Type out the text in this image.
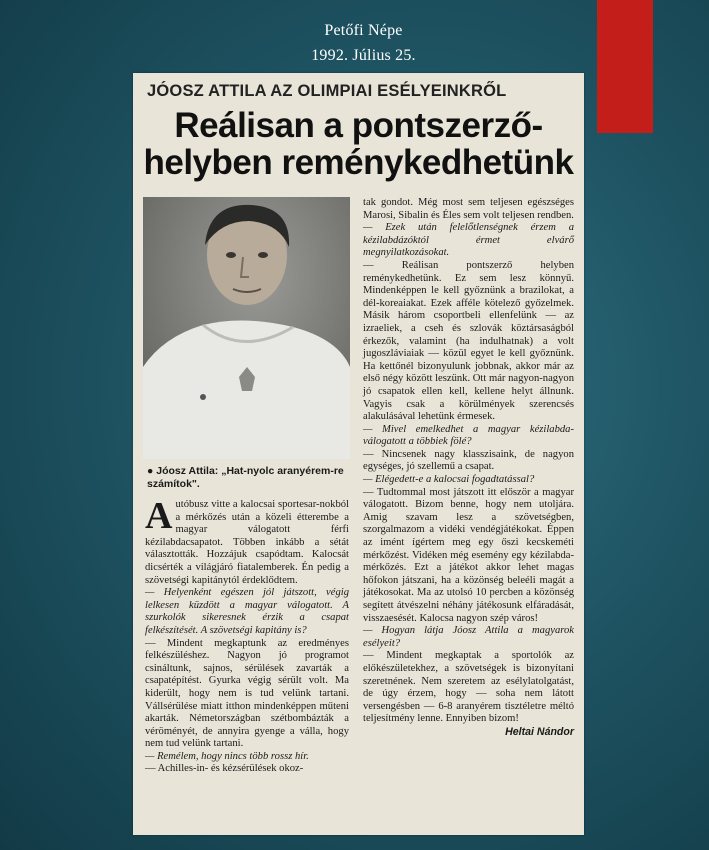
Petőfi Népe
1992. Július 25.
JÓOSZ ATTILA AZ OLIMPIAI ESÉLYEINKRŐL
Reálisan a pontszerző-
helyben reménykedhetünk
● Jóosz Attila: „Hat-nyolc aranyérem-re számítok".

Autóbusz vitte a kalocsai sportesar-nokból a mérkőzés után a közeli étterembe a magyar válogatott férfi kézilabdacsapatot. Többen inkább a sétát választották. Hozzájuk csapódtam. Kalocsát dicsérték a világjáró fiatalemberek. Én pedig a szövetségi kapitánytól érdeklődtem.

— Helyenként egészen jól játszott, végig lelkesen küzdött a magyar válogatott. A szurkolók sikeresnek érzik a csapat felkészítését. A szövetségi kapitány is?

— Mindent megkaptunk az eredményes felkészüléshez. Nagyon jó programot csináltunk, sajnos, sérülések zavarták a csapatépítést. Gyurka végig sérült volt. Ma kiderült, hogy nem is tud velünk tartani. Vállsérülése miatt itthon mindenképpen műteni akarták. Németországban szétbombázták a véröményét, de annyira gyenge a válla, hogy nem tud velünk tartani.

— Remélem, hogy nincs több rossz hír.

— Achilles-in- és kézsérülések okoz-

tak gondot. Még most sem teljesen egészséges Marosi, Sibalin és Éles sem volt teljesen rendben.

— Ezek után felelőtlenségnek érzem a kézilabdázóktól érmet elvárő megnyilatkozásokat.

— Reálisan pontszerző helyben reménykedhetünk. Ez sem lesz könnyű. Mindenképpen le kell győznünk a brazilokat, a dél-koreaiakat. Ezek afféle kötelező győzelmek. Másik három csoportbeli ellenfelünk — az izraeliek, a cseh és szlovák köztársaságból érkezők, valamint (ha indulhatnak) a volt jugoszláviaiak — közül egyet le kell győznünk. Ha kettőnél bizonyulunk jobbnak, akkor már az első négy között leszünk. Ott már nagyon-nagyon jó csapatok ellen kell, kellene helyt állnunk. Vagyis csak a körülmények szerencsés alakulásával lehetünk érmesek.

— Mivel emelkedhet a magyar kézilabda-válogatott a többiek fölé?

— Nincsenek nagy klasszisaink, de nagyon egységes, jó szellemű a csapat.

— Elégedett-e a kalocsai fogadtatással?

— Tudtommal most játszott itt először a magyar válogatott. Bizom benne, hogy nem utoljára. Amig szavam lesz a szövetségben, szorgalmazom a vidéki vendégjátékokat. Éppen az imént ígértem meg egy őszi kecskeméti mérkőzést. Vidéken még esemény egy kézilabda-mérkőzés. Ezt a játékot akkor lehet magas hőfokon játszani, ha a közönség beleéli magát a játékosokat. Ma az utolsó 10 percben a közönség segített átvészelni néhány játékosunk elfáradását, visszaesését. Kalocsa nagyon szép város!

— Hogyan látja Jóosz Attila a magyarok esélyeit?

— Mindent megkaptak a sportolók az előkészületekhez, a szövetségek is bizonyítani szeretnének. Nem szeretem az esélylatolgatást, de úgy érzem, hogy — soha nem látott versengésben — 6-8 aranyérem tisztéletre méltó teljesítmény lenne. Ennyiben bizom!

Heltai Nándor
